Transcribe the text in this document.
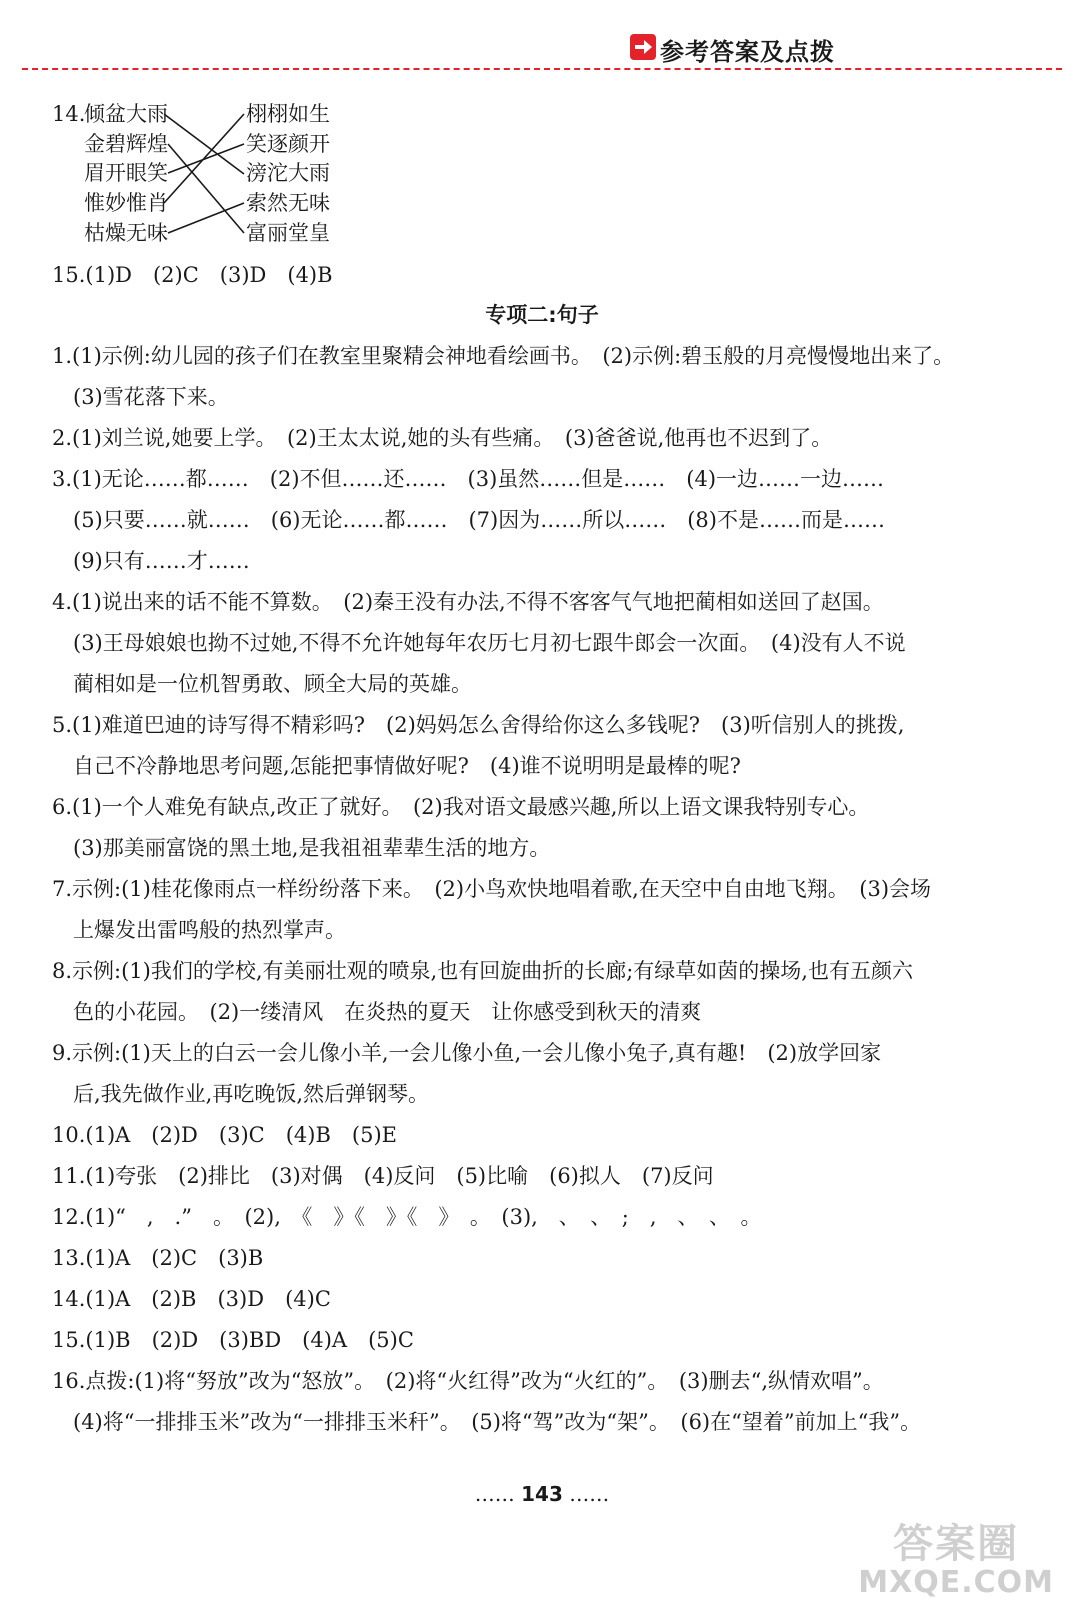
参考答案及点拨
14.
倾盆大雨
金碧辉煌
眉开眼笑
惟妙惟肖
枯燥无味
栩栩如生
笑逐颜开
滂沱大雨
索然无味
富丽堂皇
15.(1)D　(2)C　(3)D　(4)B
专项二:句子
1.(1)示例:幼儿园的孩子们在教室里聚精会神地看绘画书。　(2)示例:碧玉般的月亮慢慢地出来了。
　(3)雪花落下来。
2.(1)刘兰说,她要上学。　(2)王太太说,她的头有些痛。　(3)爸爸说,他再也不迟到了。
3.(1)无论……都……　(2)不但……还……　(3)虽然……但是……　(4)一边……一边……
　(5)只要……就……　(6)无论……都……　(7)因为……所以……　(8)不是……而是……
　(9)只有……才……
4.(1)说出来的话不能不算数。　(2)秦王没有办法,不得不客客气气地把蔺相如送回了赵国。
　(3)王母娘娘也拗不过她,不得不允许她每年农历七月初七跟牛郎会一次面。　(4)没有人不说
　蔺相如是一位机智勇敢、顾全大局的英雄。
5.(1)难道巴迪的诗写得不精彩吗?　(2)妈妈怎么舍得给你这么多钱呢?　(3)听信别人的挑拨,
　自己不冷静地思考问题,怎能把事情做好呢?　(4)谁不说明明是最棒的呢?
6.(1)一个人难免有缺点,改正了就好。　(2)我对语文最感兴趣,所以上语文课我特别专心。
　(3)那美丽富饶的黑土地,是我祖祖辈辈生活的地方。
7.示例:(1)桂花像雨点一样纷纷落下来。　(2)小鸟欢快地唱着歌,在天空中自由地飞翔。　(3)会场
　上爆发出雷鸣般的热烈掌声。
8.示例:(1)我们的学校,有美丽壮观的喷泉,也有回旋曲折的长廊;有绿草如茵的操场,也有五颜六
　色的小花园。　(2)一缕清风　在炎热的夏天　让你感受到秋天的清爽
9.示例:(1)天上的白云一会儿像小羊,一会儿像小鱼,一会儿像小兔子,真有趣!　(2)放学回家
　后,我先做作业,再吃晚饭,然后弹钢琴。
10.(1)A　(2)D　(3)C　(4)B　(5)E
11.(1)夸张　(2)排比　(3)对偶　(4)反问　(5)比喻　(6)拟人　(7)反问
12.(1)“　,　.”　。　(2),　《　》《　》《　》　。　(3),　、　、　;　,　、　、　。
13.(1)A　(2)C　(3)B
14.(1)A　(2)B　(3)D　(4)C
15.(1)B　(2)D　(3)BD　(4)A　(5)C
16.点拨:(1)将“努放”改为“怒放”。　(2)将“火红得”改为“火红的”。　(3)删去“,纵情欢唱”。
　(4)将“一排排玉米”改为“一排排玉米秆”。　(5)将“驾”改为“架”。　(6)在“望着”前加上“我”。
…… 143 ……
答案圈
MXQE.COM
